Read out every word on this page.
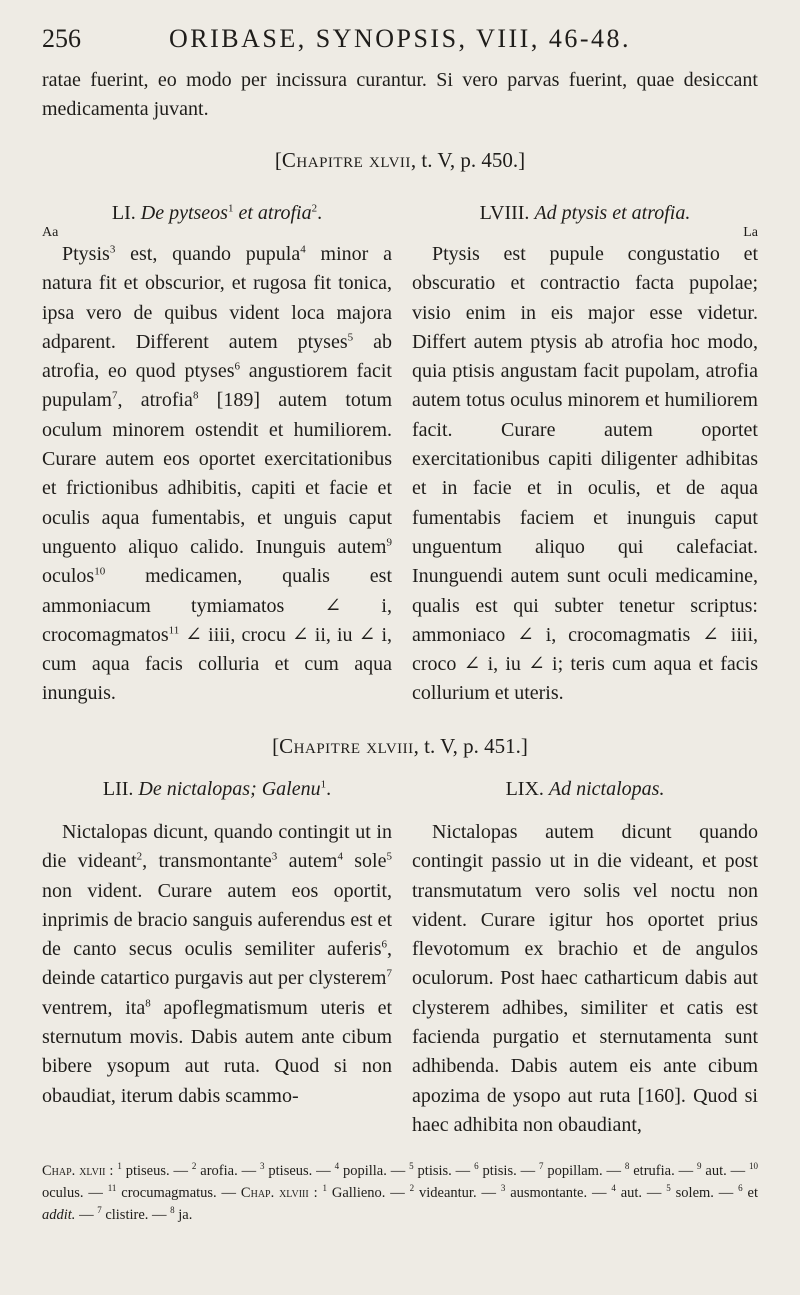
256	ORIBASE, SYNOPSIS, VIII, 46-48.
ratae fuerint, eo modo per incissura curantur. Si vero parvas fuerint, quae desiccant medicamenta juvant.
[Chapitre xlvii, t. V, p. 450.]
LI. De pytseos$^1$ et atrofia$^2$.
Aa
Ptysis$^3$ est, quando pupula$^4$ minor a natura fit et obscurior, et rugosa fit tonica, ipsa vero de quibus vident loca majora adparent. Different autem ptyses$^5$ ab atrofia, eo quod ptyses$^6$ angustiorem facit pupulam$^7$, atrofia$^8$ [189] autem totum oculum minorem ostendit et humiliorem. Curare autem eos oportet exercitationibus et frictionibus adhibitis, capiti et facie et oculis aqua fumentabis, et unguis caput unguento aliquo calido. Inunguis autem$^9$ oculos$^{10}$ medicamen, qualis est ammoniacum tymiamatos ∠ i, crocomagmatos$^{11}$ ∠ iiii, crocu ∠ ii, iu ∠ i, cum aqua facis colluria et cum aqua inunguis.
LVIII. Ad ptysis et atrofia.
La
Ptysis est pupule congustatio et obscuratio et contractio facta pupolae; visio enim in eis major esse videtur. Differt autem ptysis ab atrofia hoc modo, quia ptisis angustam facit pupolam, atrofia autem totus oculus minorem et humiliorem facit. Curare autem oportet exercitationibus capiti diligenter adhibitas et in facie et in oculis, et de aqua fumentabis faciem et inunguis caput unguentum aliquo qui calefaciat. Inunguendi autem sunt oculi medicamine, qualis est qui subter tenetur scriptus: ammoniaco ∠ i, crocomagmatis ∠ iiii, croco ∠ i, iu ∠ i; teris cum aqua et facis collurium et uteris.
[Chapitre xlviii, t. V, p. 451.]
LII. De nictalopas; Galenu$^1$.
Nictalopas dicunt, quando contingit ut in die videant$^2$, transmontante$^3$ autem$^4$ sole$^5$ non vident. Curare autem eos oportit, inprimis de bracio sanguis auferendus est et de canto secus oculis semiliter auferis$^6$, deinde catartico purgavis aut per clysterem$^7$ ventrem, ita$^8$ apoflegmatismum uteris et sternutum movis. Dabis autem ante cibum bibere ysopum aut ruta. Quod si non obaudiat, iterum dabis scammo-
LIX. Ad nictalopas.
Nictalopas autem dicunt quando contingit passio ut in die videant, et post transmutatum vero solis vel noctu non vident. Curare igitur hos oportet prius flevotomum ex brachio et de angulos oculorum. Post haec catharticum dabis aut clysterem adhibes, similiter et catis est facienda purgatio et sternutamenta sunt adhibenda. Dabis autem eis ante cibum apozima de ysopo aut ruta [160]. Quod si haec adhibita non obaudiant,
Chap. xlvii : $^1$ ptiseus. — $^2$ arofia. — $^3$ ptiseus. — $^4$ popilla. — $^5$ ptisis. — $^6$ ptisis. — $^7$ popillam. — $^8$ etrufia. — $^9$ aut. — $^{10}$ oculus. — $^{11}$ crocumagmatus. — Chap. xlviii : $^1$ Gallieno. — $^2$ videantur. — $^3$ ausmontante. — $^4$ aut. — $^5$ solem. — $^6$ et addit. — $^7$ clistire. — $^8$ ja.
